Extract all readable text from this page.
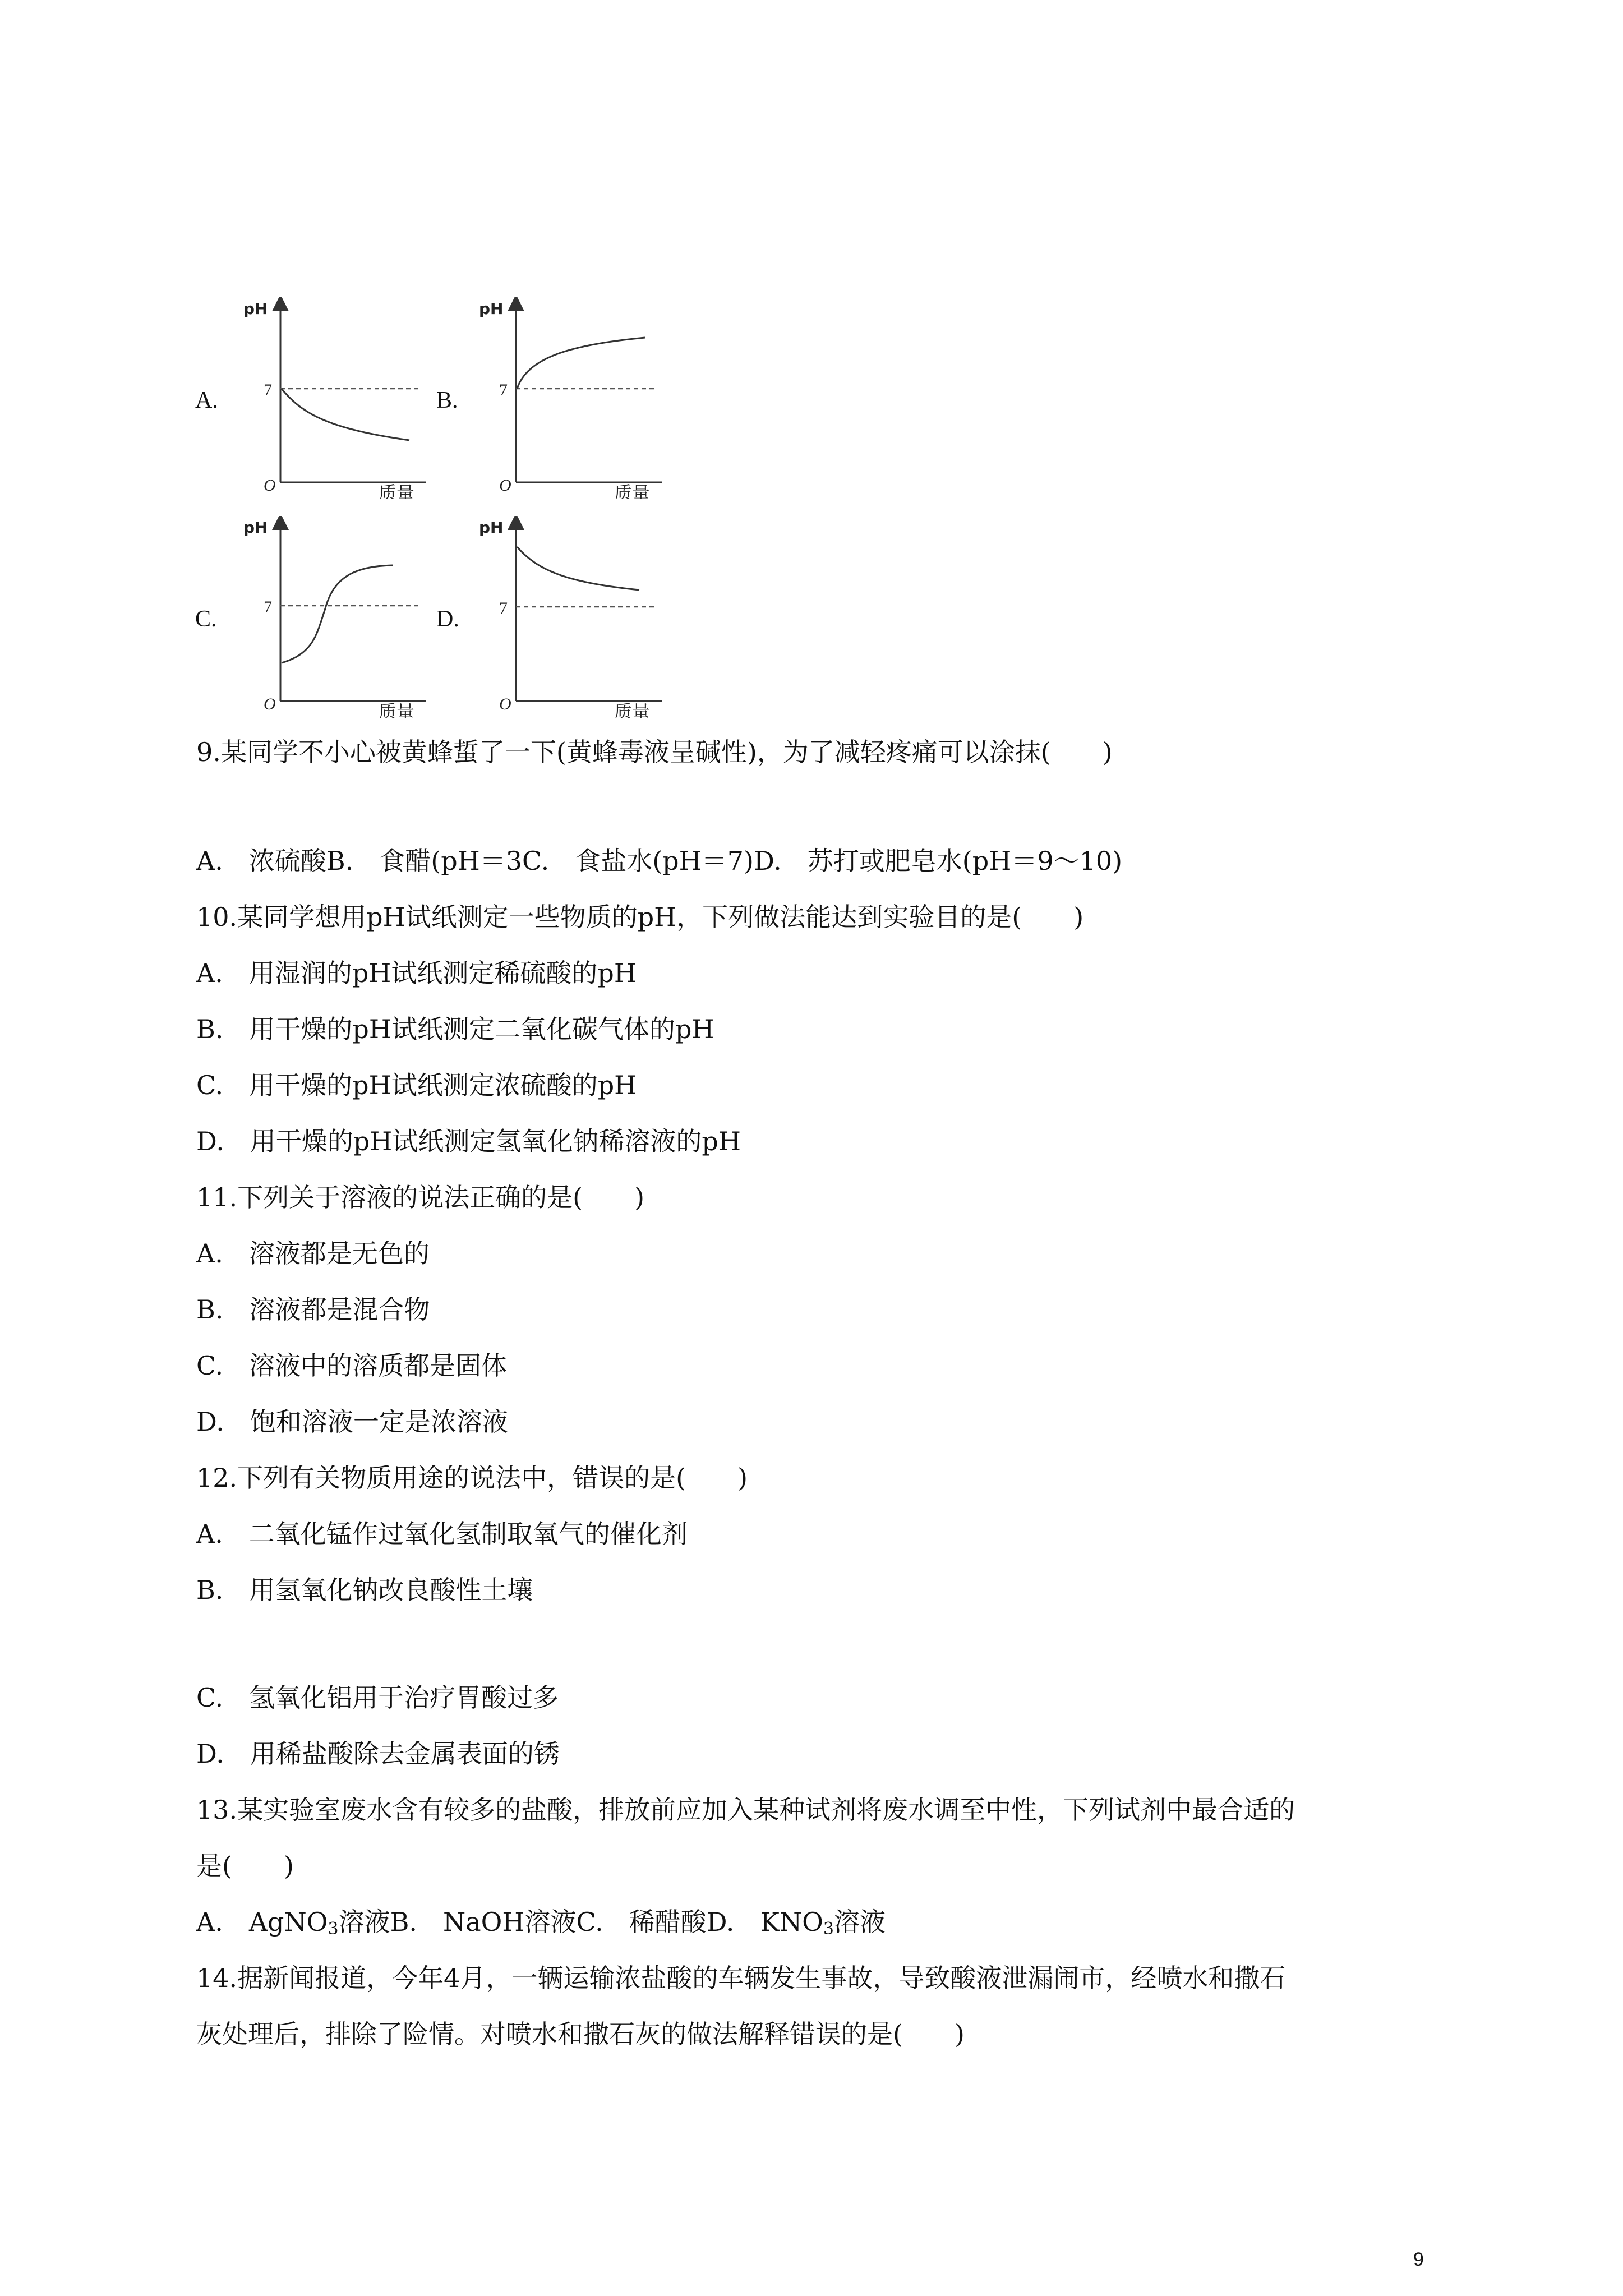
A.	B.
C.	D.
pH
7
O	质量
pH
7
O	质量
pH
7
O	质量
pH
7
O	质量
9.某同学不小心被黄蜂蜇了一下(黄蜂毒液呈碱性)，为了减轻疼痛可以涂抹(　　)
A.　浓硫酸B.　食醋(pH＝3C.　食盐水(pH＝7)D.　苏打或肥皂水(pH＝9～10)
10.某同学想用pH试纸测定一些物质的pH，下列做法能达到实验目的是(　　)
A.　用湿润的pH试纸测定稀硫酸的pH
B.　用干燥的pH试纸测定二氧化碳气体的pH
C.　用干燥的pH试纸测定浓硫酸的pH
D.　用干燥的pH试纸测定氢氧化钠稀溶液的pH
11.下列关于溶液的说法正确的是(　　)
A.　溶液都是无色的
B.　溶液都是混合物
C.　溶液中的溶质都是固体
D.　饱和溶液一定是浓溶液
12.下列有关物质用途的说法中，错误的是(　　)
A.　二氧化锰作过氧化氢制取氧气的催化剂
B.　用氢氧化钠改良酸性土壤
C.　氢氧化铝用于治疗胃酸过多
D.　用稀盐酸除去金属表面的锈
13.某实验室废水含有较多的盐酸，排放前应加入某种试剂将废水调至中性，下列试剂中最合适的
是(　　)
A.　AgNO$_3$溶液B.　NaOH溶液C.　稀醋酸D.　$KNO_3$溶液
14.据新闻报道，今年4月，一辆运输浓盐酸的车辆发生事故，导致酸液泄漏闹市，经喷水和撒石
灰处理后，排除了险情。对喷水和撒石灰的做法解释错误的是(　　)
9
